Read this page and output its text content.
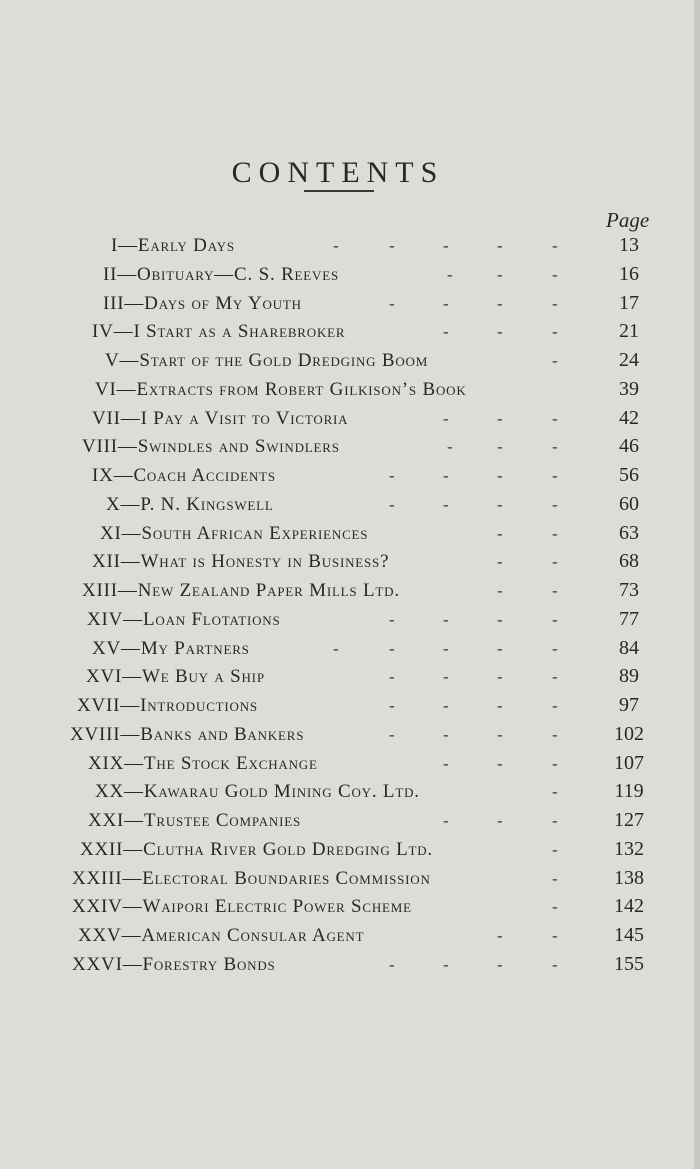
CONTENTS
Page
I—Early Days	-	-	-	-	-	13
II—Obituary—C. S. Reeves	-	-	-	16
III—Days of My Youth	-	-	-	-	17
IV—I Start as a Sharebroker	-	-	-	21
V—Start of the Gold Dredging Boom	-	24
VI—Extracts from Robert Gilkison’s Book	39
VII—I Pay a Visit to Victoria	-	-	-	42
VIII—Swindles and Swindlers	-	-	-	46
IX—Coach Accidents	-	-	-	-	56
X—P. N. Kingswell	-	-	-	-	60
XI—South African Experiences	-	-	63
XII—What is Honesty in Business?	-	-	68
XIII—New Zealand Paper Mills Ltd.	-	-	73
XIV—Loan Flotations	-	-	-	-	77
XV—My Partners	-	-	-	-	-	84
XVI—We Buy a Ship	-	-	-	-	89
XVII—Introductions	-	-	-	-	97
XVIII—Banks and Bankers	-	-	-	-	102
XIX—The Stock Exchange	-	-	-	107
XX—Kawarau Gold Mining Coy. Ltd.	-	119
XXI—Trustee Companies	-	-	-	127
XXII—Clutha River Gold Dredging Ltd.	-	132
XXIII—Electoral Boundaries Commission	-	138
XXIV—Waipori Electric Power Scheme	-	142
XXV—American Consular Agent	-	-	145
XXVI—Forestry Bonds	-	-	-	-	155
